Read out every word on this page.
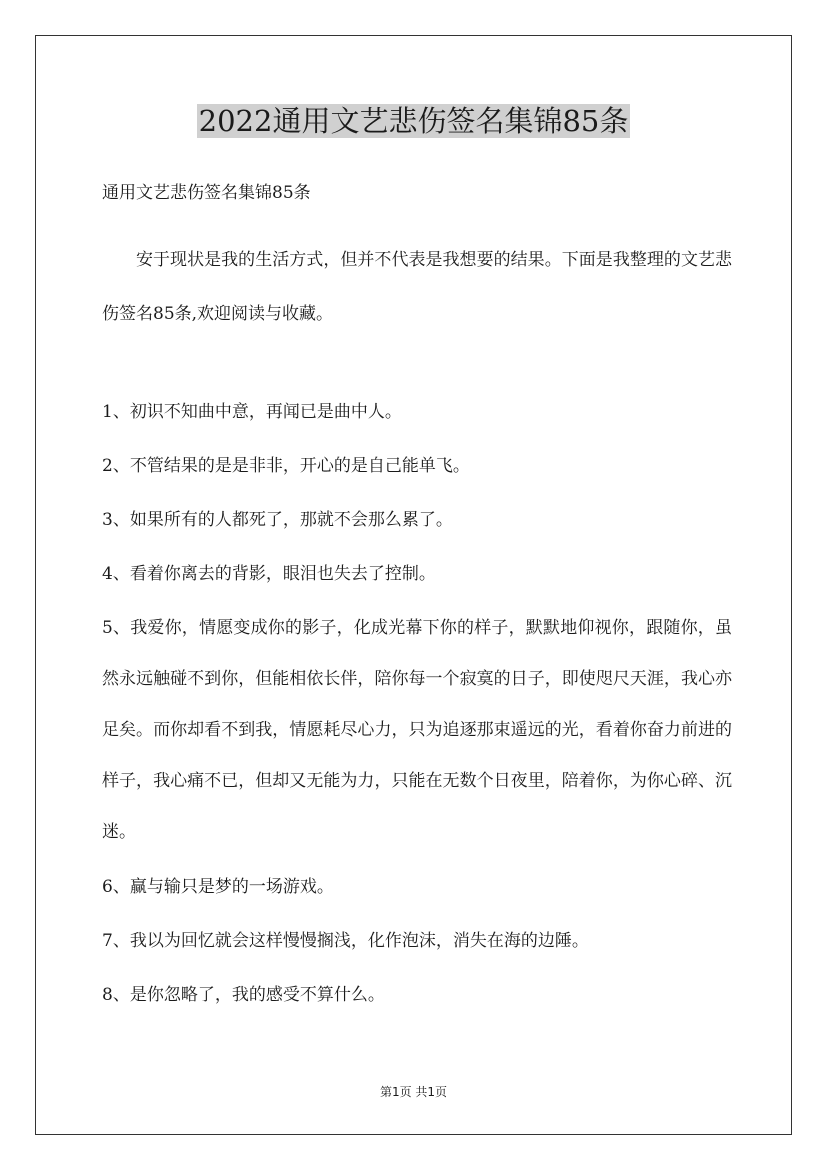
2022通用文艺悲伤签名集锦85条
通用文艺悲伤签名集锦85条

安于现状是我的生活方式，但并不代表是我想要的结果。下面是我整理的文艺悲伤签名85条,欢迎阅读与收藏。

1、初识不知曲中意，再闻已是曲中人。
2、不管结果的是是非非，开心的是自己能单飞。
3、如果所有的人都死了，那就不会那么累了。
4、看着你离去的背影，眼泪也失去了控制。
5、我爱你，情愿变成你的影子，化成光幕下你的样子，默默地仰视你，跟随你，虽然永远触碰不到你，但能相依长伴，陪你每一个寂寞的日子，即使咫尺天涯，我心亦足矣。而你却看不到我，情愿耗尽心力，只为追逐那束遥远的光，看着你奋力前进的样子，我心痛不已，但却又无能为力，只能在无数个日夜里，陪着你，为你心碎、沉迷。
6、赢与输只是梦的一场游戏。
7、我以为回忆就会这样慢慢搁浅，化作泡沫，消失在海的边陲。
8、是你忽略了，我的感受不算什么。
第1页 共1页
